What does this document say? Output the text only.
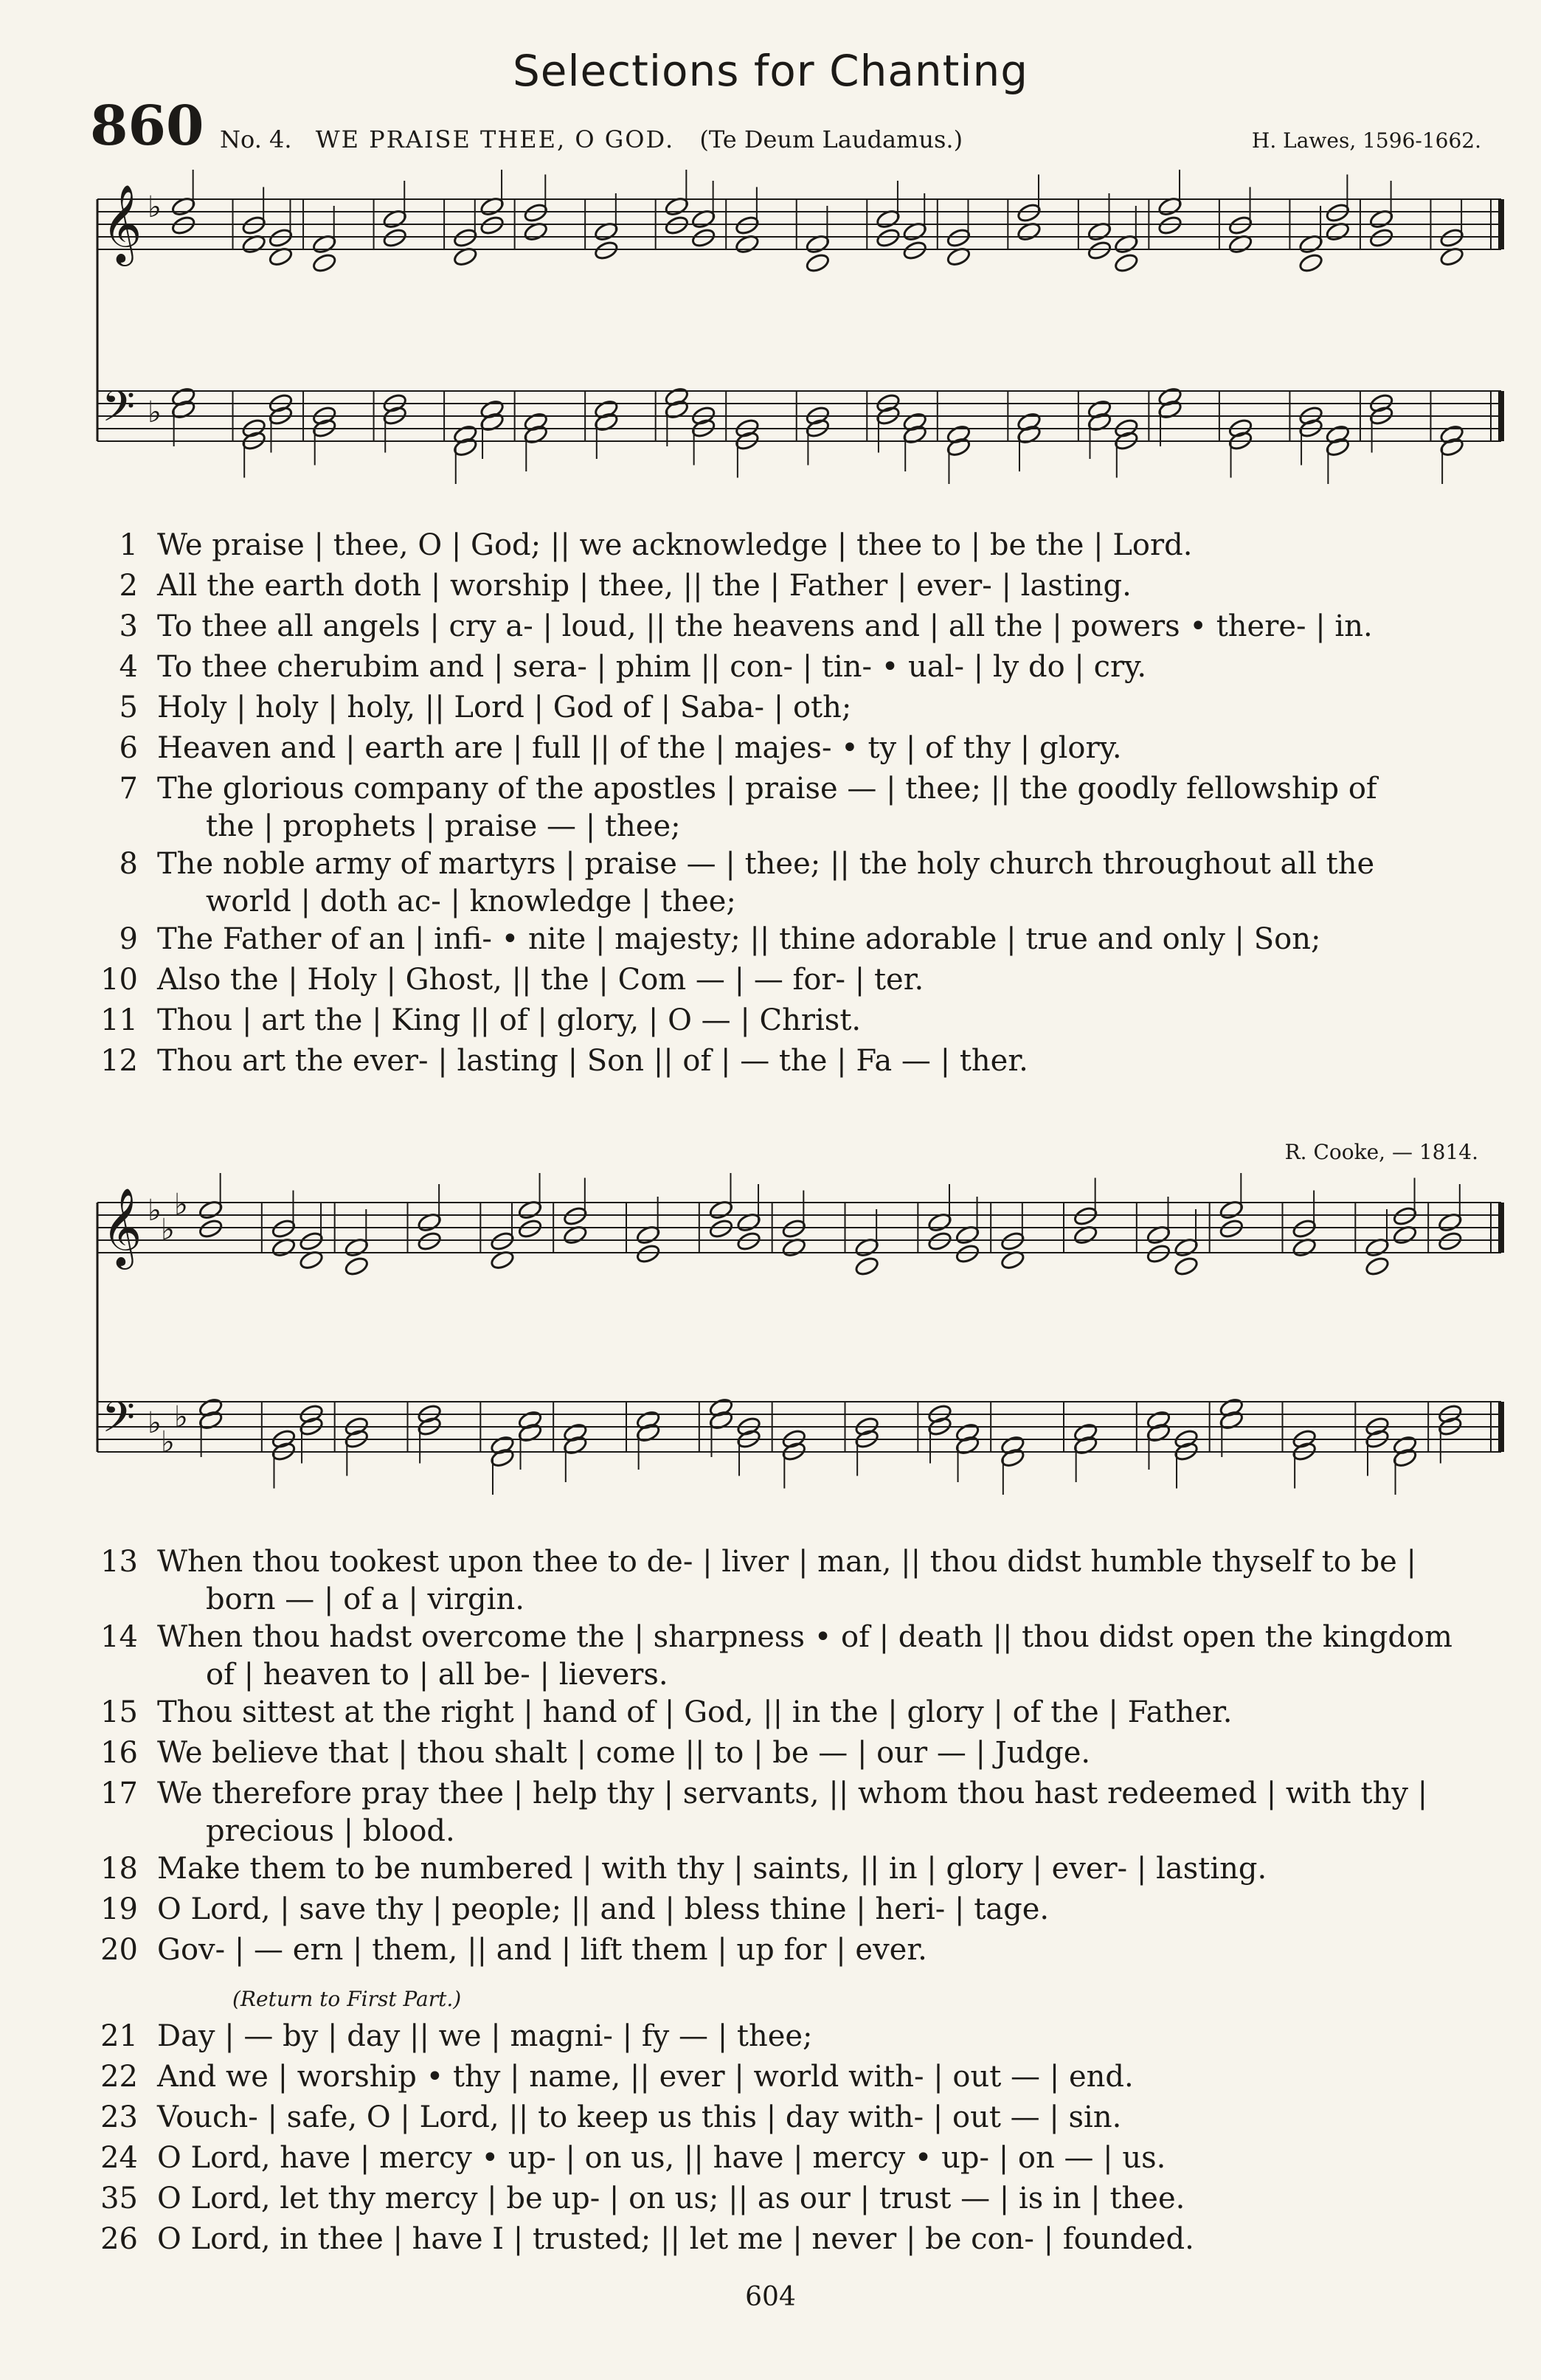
Selections for Chanting
860 No. 4. WE PRAISE THEE, O GOD. (Te Deum Laudamus.)	H. Lawes, 1596-1662.
𝄞 ♭
𝄢 ♭
1 We praise | thee, O | God; || we acknowledge | thee to | be the | Lord.
2 All the earth doth | worship | thee, || the | Father | ever- | lasting.
3 To thee all angels | cry a- | loud, || the heavens and | all the | powers • there- | in.
4 To thee cherubim and | sera- | phim || con- | tin- • ual- | ly do | cry.
5 Holy | holy | holy, || Lord | God of | Saba- | oth;
6 Heaven and | earth are | full || of the | majes- • ty | of thy | glory.
7 The glorious company of the apostles | praise — | thee; || the goodly fellowship of
the | prophets | praise — | thee;
8 The noble army of martyrs | praise — | thee; || the holy church throughout all the
world | doth ac- | knowledge | thee;
9 The Father of an | infi- • nite | majesty; || thine adorable | true and only | Son;
10 Also the | Holy | Ghost, || the | Com — | — for- | ter.
11 Thou | art the | King || of | glory, | O — | Christ.
12 Thou art the ever- | lasting | Son || of | — the | Fa — | ther.
R. Cooke, — 1814.
𝄞 ♭
♭
♭
𝄢 ♭
♭
♭
13 When thou tookest upon thee to de- | liver | man, || thou didst humble thyself to be |
born — | of a | virgin.
14 When thou hadst overcome the | sharpness • of | death || thou didst open the kingdom
of | heaven to | all be- | lievers.
15 Thou sittest at the right | hand of | God, || in the | glory | of the | Father.
16 We believe that | thou shalt | come || to | be — | our — | Judge.
17 We therefore pray thee | help thy | servants, || whom thou hast redeemed | with thy |
precious | blood.
18 Make them to be numbered | with thy | saints, || in | glory | ever- | lasting.
19 O Lord, | save thy | people; || and | bless thine | heri- | tage.
20 Gov- | — ern | them, || and | lift them | up for | ever.
(Return to First Part.)
21 Day | — by | day || we | magni- | fy — | thee;
22 And we | worship • thy | name, || ever | world with- | out — | end.
23 Vouch- | safe, O | Lord, || to keep us this | day with- | out — | sin.
24 O Lord, have | mercy • up- | on us, || have | mercy • up- | on — | us.
35 O Lord, let thy mercy | be up- | on us; || as our | trust — | is in | thee.
26 O Lord, in thee | have I | trusted; || let me | never | be con- | founded.
604
